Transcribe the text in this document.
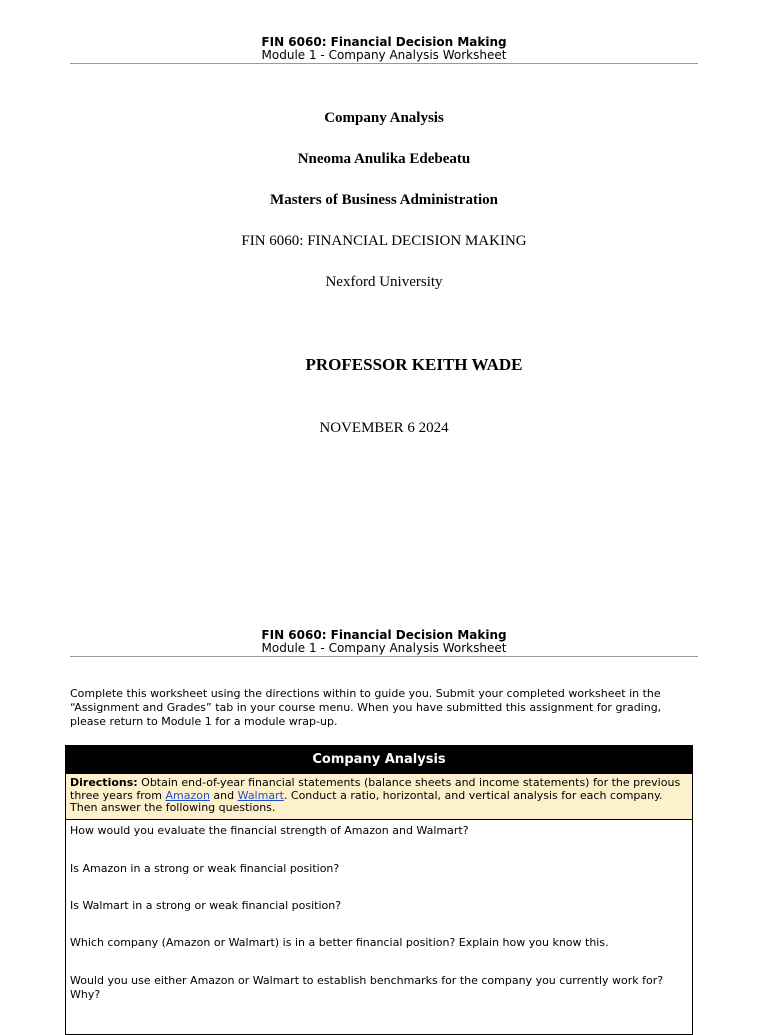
FIN 6060: Financial Decision Making
Module 1 - Company Analysis Worksheet
Company Analysis
Nneoma Anulika Edebeatu
Masters of Business Administration
FIN 6060: FINANCIAL DECISION MAKING
Nexford University
PROFESSOR KEITH WADE
NOVEMBER 6 2024
FIN 6060: Financial Decision Making
Module 1 - Company Analysis Worksheet
Complete this worksheet using the directions within to guide you. Submit your completed worksheet in the “Assignment and Grades” tab in your course menu. When you have submitted this assignment for grading, please return to Module 1 for a module wrap-up.
Company Analysis
Directions: Obtain end-of-year financial statements (balance sheets and income statements) for the previous three years from Amazon and Walmart. Conduct a ratio, horizontal, and vertical analysis for each company. Then answer the following questions.
How would you evaluate the financial strength of Amazon and Walmart?
Is Amazon in a strong or weak financial position?
Is Walmart in a strong or weak financial position?
Which company (Amazon or Walmart) is in a better financial position? Explain how you know this.
Would you use either Amazon or Walmart to establish benchmarks for the company you currently work for? Why?
